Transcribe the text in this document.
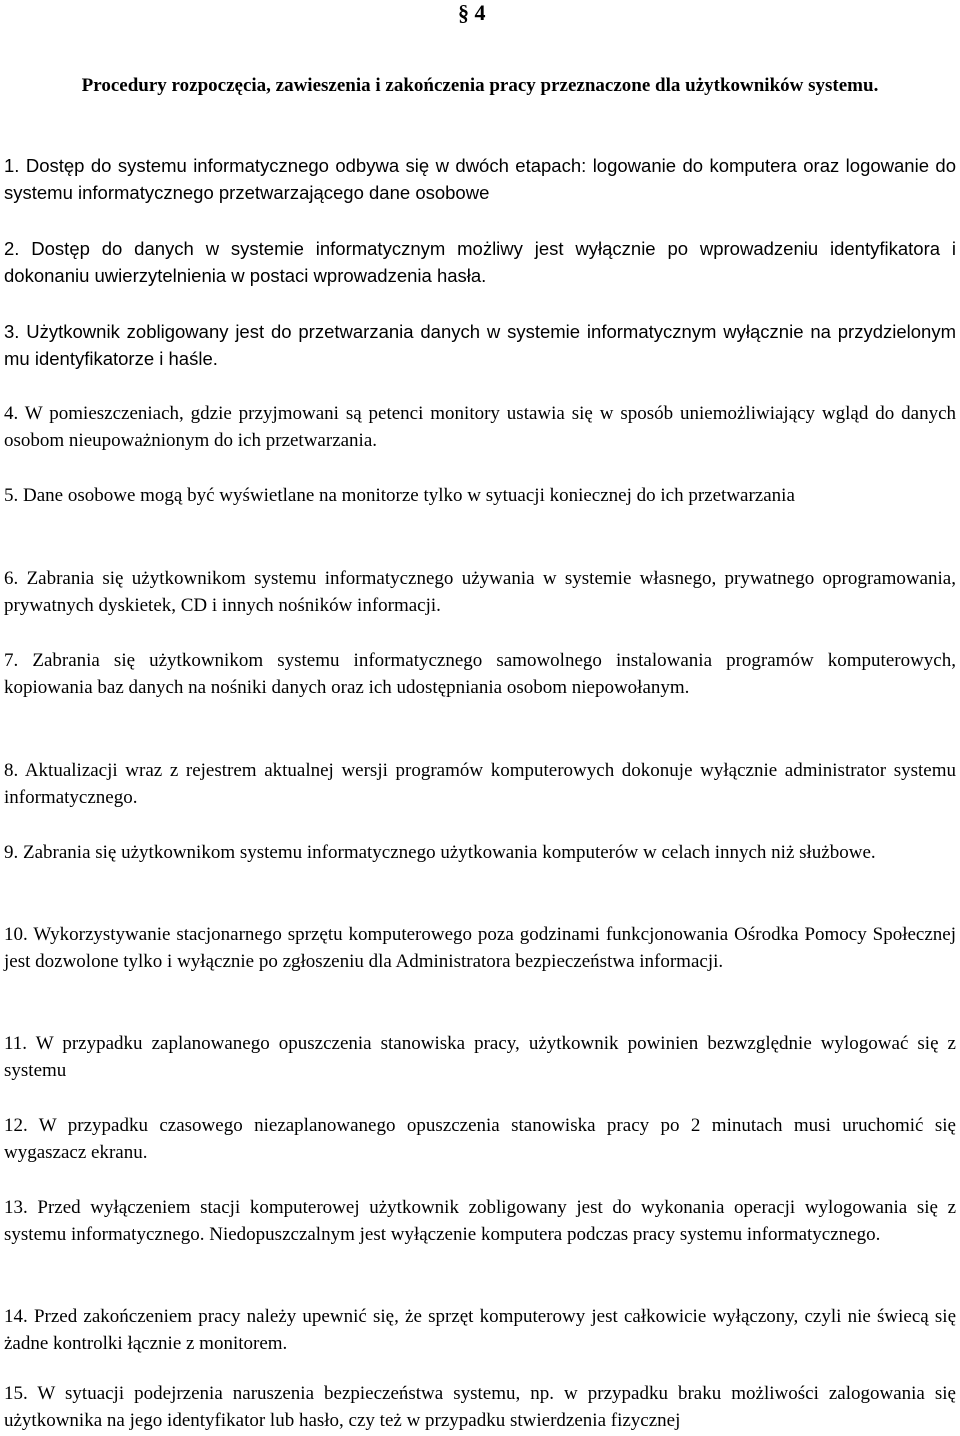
§ 4
Procedury rozpoczęcia, zawieszenia i zakończenia pracy przeznaczone dla użytkowników systemu.

1. Dostęp do systemu informatycznego odbywa się w dwóch etapach: logowanie do komputera oraz logowanie do systemu informatycznego przetwarzającego dane osobowe

2. Dostęp do danych w systemie informatycznym możliwy jest wyłącznie po wprowadzeniu identyfikatora i dokonaniu uwierzytelnienia w postaci wprowadzenia hasła.

3. Użytkownik zobligowany jest do przetwarzania danych w systemie informatycznym wyłącznie na przydzielonym mu identyfikatorze i haśle.

4. W pomieszczeniach, gdzie przyjmowani są petenci monitory ustawia się w sposób uniemożliwiający wgląd do danych osobom nieupoważnionym do ich przetwarzania.

5. Dane osobowe mogą być wyświetlane na monitorze tylko w sytuacji koniecznej do ich przetwarzania

6. Zabrania się użytkownikom systemu informatycznego używania w systemie własnego, prywatnego oprogramowania, prywatnych dyskietek, CD i innych nośników informacji.

7. Zabrania się użytkownikom systemu informatycznego samowolnego instalowania programów komputerowych, kopiowania baz danych na nośniki danych oraz ich udostępniania osobom niepowołanym.

8. Aktualizacji wraz z rejestrem aktualnej wersji programów komputerowych dokonuje wyłącznie administrator systemu informatycznego.

9. Zabrania się użytkownikom systemu informatycznego użytkowania komputerów w celach innych niż służbowe.

10. Wykorzystywanie stacjonarnego sprzętu komputerowego poza godzinami funkcjonowania Ośrodka Pomocy Społecznej jest dozwolone tylko i wyłącznie po zgłoszeniu dla Administratora bezpieczeństwa informacji.

11. W przypadku zaplanowanego opuszczenia stanowiska pracy, użytkownik powinien bezwzględnie wylogować się z systemu

12. W przypadku czasowego niezaplanowanego opuszczenia stanowiska pracy po 2 minutach musi uruchomić się wygaszacz ekranu.

13. Przed wyłączeniem stacji komputerowej użytkownik zobligowany jest do wykonania operacji wylogowania się z systemu informatycznego. Niedopuszczalnym jest wyłączenie komputera podczas pracy systemu informatycznego.

14. Przed zakończeniem pracy należy upewnić się, że sprzęt komputerowy jest całkowicie wyłączony, czyli nie świecą się żadne kontrolki łącznie z monitorem.

15. W sytuacji podejrzenia naruszenia bezpieczeństwa systemu, np. w przypadku braku możliwości zalogowania się użytkownika na jego identyfikator lub hasło, czy też w przypadku stwierdzenia fizycznej
